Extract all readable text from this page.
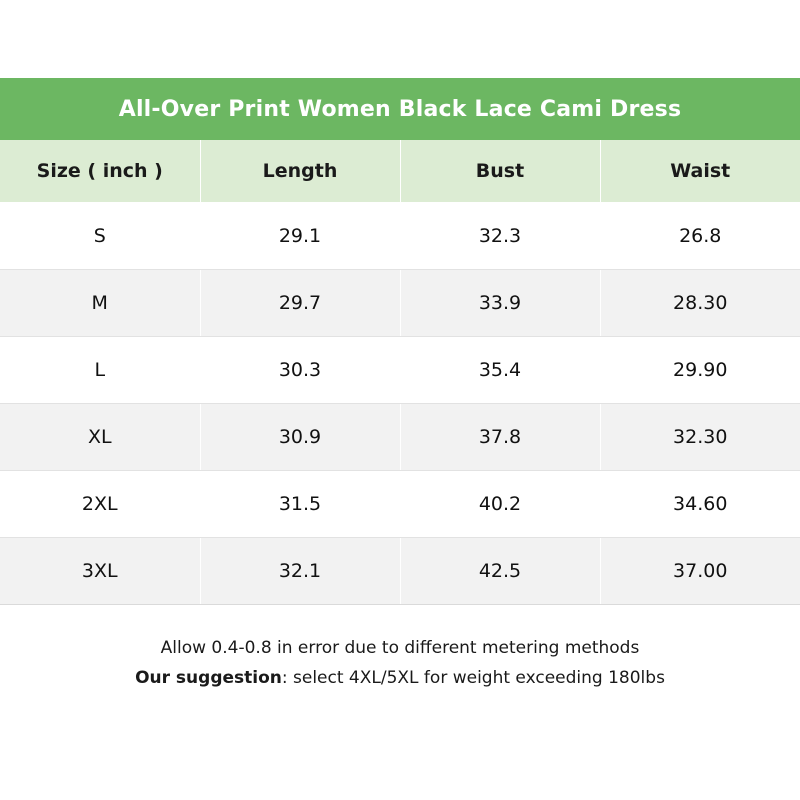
All-Over Print Women Black Lace Cami Dress
Size ( inch )	Length	Bust	Waist
S	29.1	32.3	26.8
M	29.7	33.9	28.30
L	30.3	35.4	29.90
XL	30.9	37.8	32.30
2XL	31.5	40.2	34.60
3XL	32.1	42.5	37.00
Allow 0.4-0.8 in error due to different metering methods
Our suggestion: select 4XL/5XL for weight exceeding 180lbs
